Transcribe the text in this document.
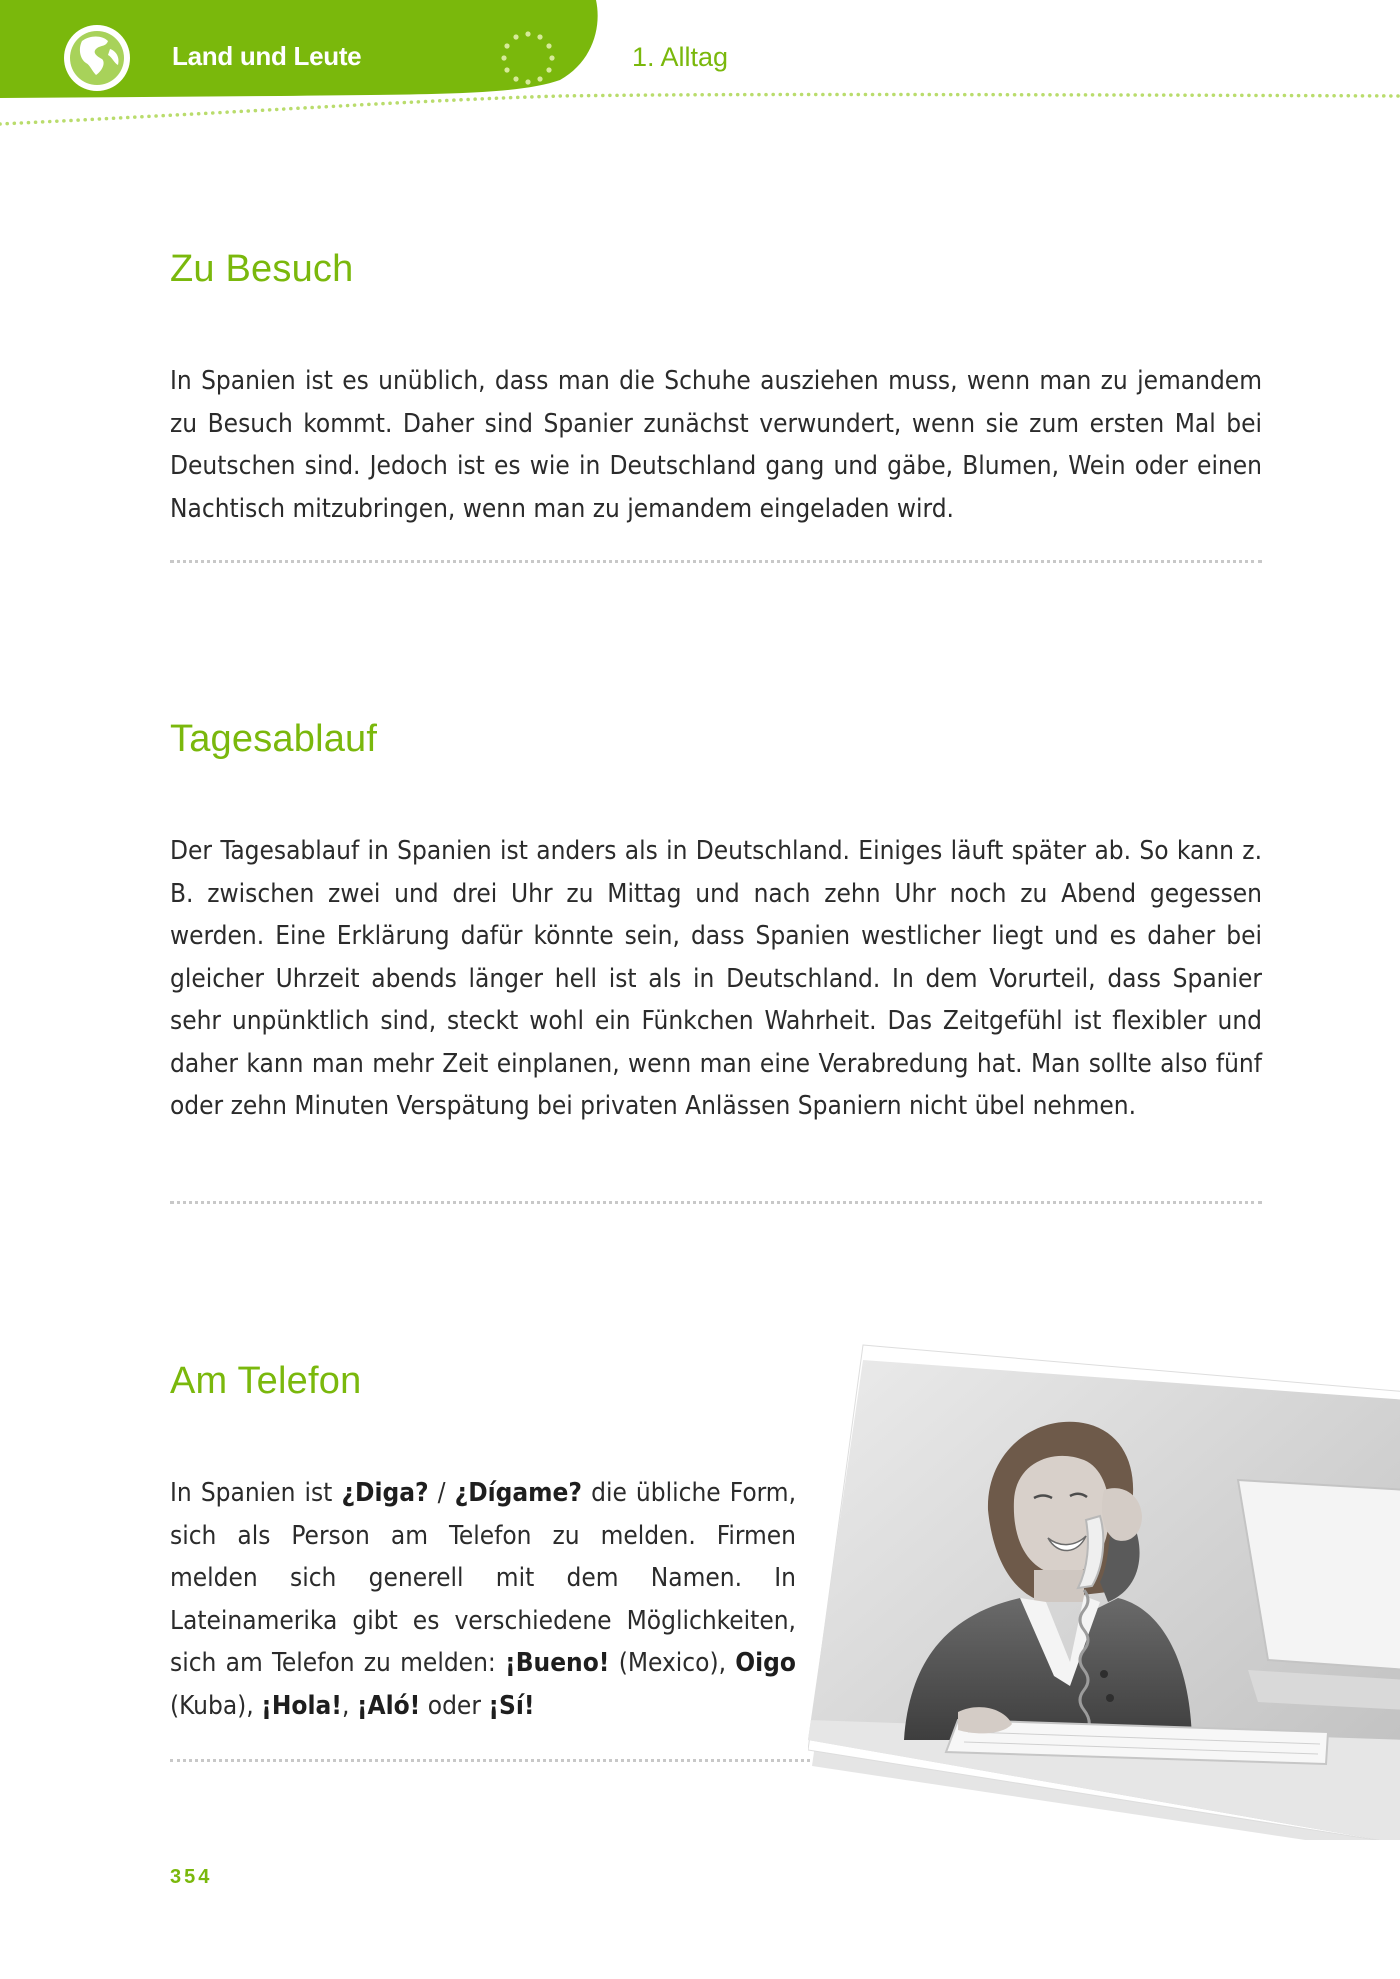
Land und Leute	1. Alltag
Zu Besuch

In Spanien ist es unüblich, dass man die Schuhe ausziehen muss, wenn man zu jemandem zu Besuch kommt. Daher sind Spanier zunächst verwundert, wenn sie zum ersten Mal bei Deutschen sind. Jedoch ist es wie in Deutschland gang und gäbe, Blumen, Wein oder einen Nachtisch mitzubringen, wenn man zu jemandem eingeladen wird.

Tagesablauf

Der Tagesablauf in Spanien ist anders als in Deutschland. Einiges läuft später ab. So kann z. B. zwischen zwei und drei Uhr zu Mittag und nach zehn Uhr noch zu Abend gegessen werden. Eine Erklärung dafür könnte sein, dass Spanien westlicher liegt und es daher bei gleicher Uhrzeit abends länger hell ist als in Deutschland. In dem Vorurteil, dass Spanier sehr unpünktlich sind, steckt wohl ein Fünkchen Wahrheit. Das Zeitgefühl ist flexibler und daher kann man mehr Zeit einplanen, wenn man eine Verabredung hat. Man sollte also fünf oder zehn Minuten Verspätung bei privaten Anlässen Spaniern nicht übel nehmen.

Am Telefon

In Spanien ist ¿Diga? / ¿Dígame? die übliche Form, sich als Person am Telefon zu melden. Firmen melden sich generell mit dem Namen. In Lateinamerika gibt es verschiedene Möglichkeiten, sich am Telefon zu melden: ¡Bueno! (Mexico), Oigo (Kuba), ¡Hola!, ¡Aló! oder ¡Sí!

354
